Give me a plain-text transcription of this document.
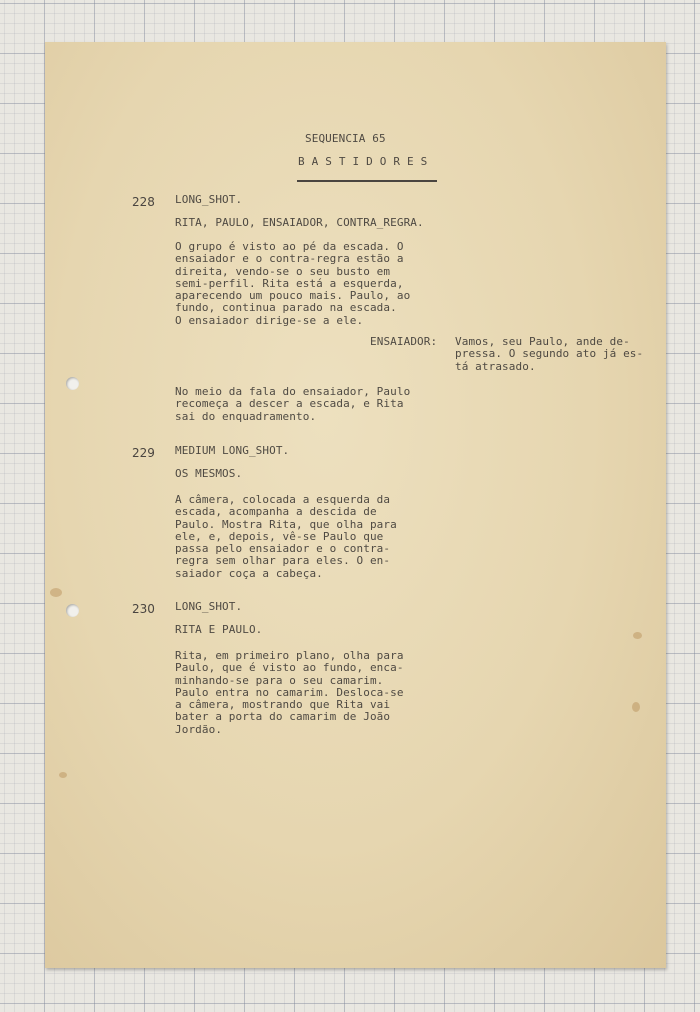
SEQUENCIA 65
BASTIDORES
228 LONG_SHOT.
RITA, PAULO, ENSAIADOR, CONTRA_REGRA.
O grupo é visto ao pé da escada. O
ensaiador e o contra-regra estão a
direita, vendo-se o seu busto em
semi-perfil. Rita está a esquerda,
aparecendo um pouco mais. Paulo, ao
fundo, continua parado na escada.
O ensaiador dirige-se a ele.
ENSAIADOR: Vamos, seu Paulo, ande de-
pressa. O segundo ato já es-
tá atrasado.
No meio da fala do ensaiador, Paulo
recomeça a descer a escada, e Rita
sai do enquadramento.
229 MEDIUM LONG_SHOT.
OS MESMOS.
A câmera, colocada a esquerda da
escada, acompanha a descida de
Paulo. Mostra Rita, que olha para
ele, e, depois, vê-se Paulo que
passa pelo ensaiador e o contra-
regra sem olhar para eles. O en-
saiador coça a cabeça.
230 LONG_SHOT.
RITA E PAULO.
Rita, em primeiro plano, olha para
Paulo, que é visto ao fundo, enca-
minhando-se para o seu camarim.
Paulo entra no camarim. Desloca-se
a câmera, mostrando que Rita vai
bater a porta do camarim de João
Jordão.
